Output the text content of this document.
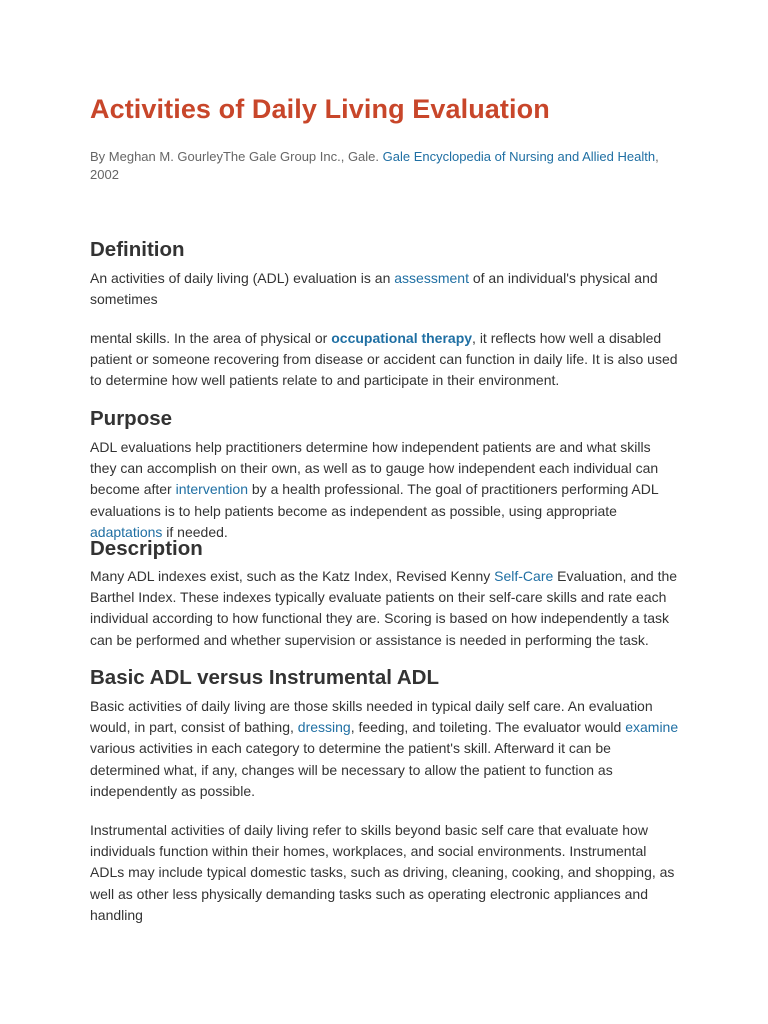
Activities of Daily Living Evaluation

By Meghan M. GourleyThe Gale Group Inc., Gale. Gale Encyclopedia of Nursing and Allied Health, 2002

Definition

An activities of daily living (ADL) evaluation is an assessment of an individual's physical and sometimes

mental skills. In the area of physical or occupational therapy, it reflects how well a disabled patient or someone recovering from disease or accident can function in daily life. It is also used to determine how well patients relate to and participate in their environment.

Purpose

ADL evaluations help practitioners determine how independent patients are and what skills they can accomplish on their own, as well as to gauge how independent each individual can become after intervention by a health professional. The goal of practitioners performing ADL evaluations is to help patients become as independent as possible, using appropriate adaptations if needed.

Description

Many ADL indexes exist, such as the Katz Index, Revised Kenny Self-Care Evaluation, and the Barthel Index. These indexes typically evaluate patients on their self-care skills and rate each individual according to how functional they are. Scoring is based on how independently a task can be performed and whether supervision or assistance is needed in performing the task.

Basic ADL versus Instrumental ADL

Basic activities of daily living are those skills needed in typical daily self care. An evaluation would, in part, consist of bathing, dressing, feeding, and toileting. The evaluator would examine various activities in each category to determine the patient's skill. Afterward it can be determined what, if any, changes will be necessary to allow the patient to function as independently as possible.

Instrumental activities of daily living refer to skills beyond basic self care that evaluate how individuals function within their homes, workplaces, and social environments. Instrumental ADLs may include typical domestic tasks, such as driving, cleaning, cooking, and shopping, as well as other less physically demanding tasks such as operating electronic appliances and handling
